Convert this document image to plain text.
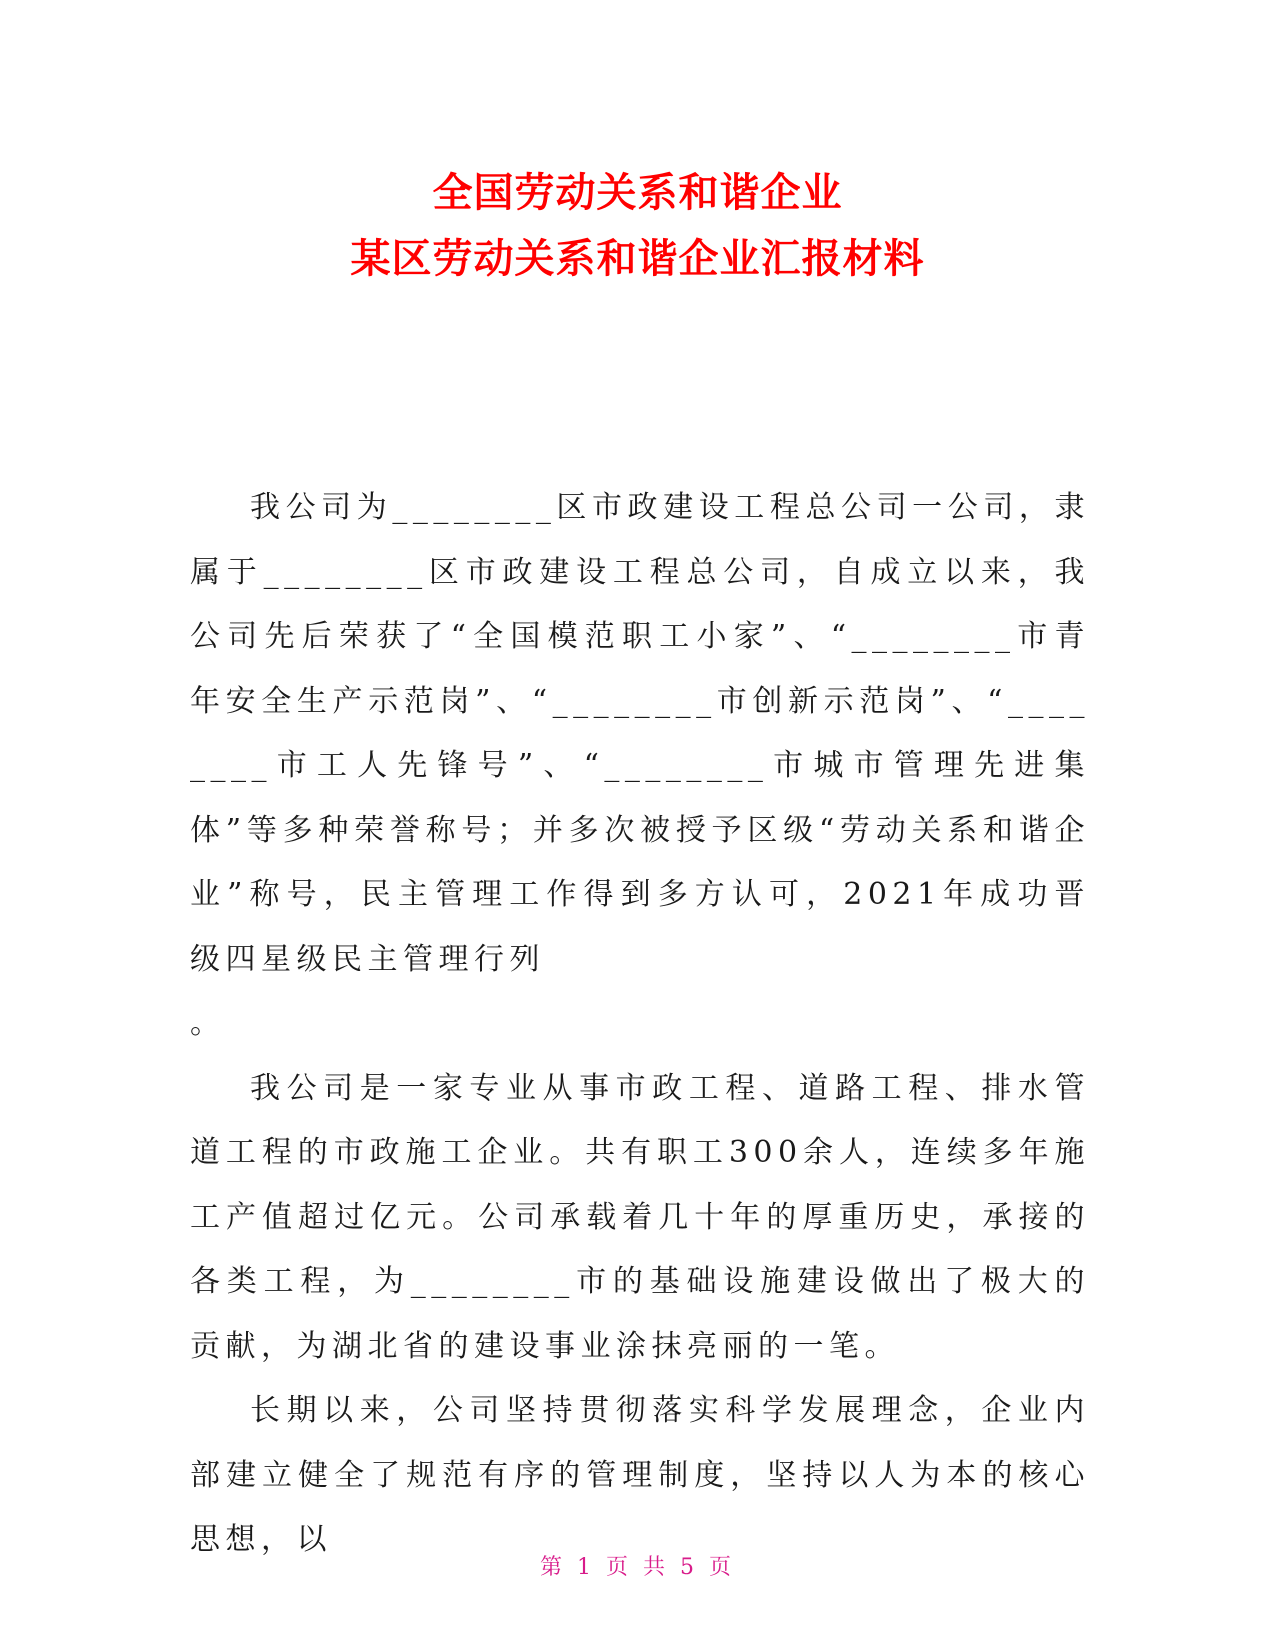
全国劳动关系和谐企业
某区劳动关系和谐企业汇报材料

我公司为________区市政建设工程总公司一公司，隶属于________区市政建设工程总公司，自成立以来，我公司先后荣获了“全国模范职工小家”、“________市青年安全生产示范岗”、“________市创新示范岗”、“________市工人先锋号”、“________市城市管理先进集体”等多种荣誉称号；并多次被授予区级“劳动关系和谐企业”称号，民主管理工作得到多方认可，2021年成功晋级四星级民主管理行列

。

我公司是一家专业从事市政工程、道路工程、排水管道工程的市政施工企业。共有职工300余人，连续多年施工产值超过亿元。公司承载着几十年的厚重历史，承接的各类工程，为________市的基础设施建设做出了极大的贡献，为湖北省的建设事业涂抹亮丽的一笔。

长期以来，公司坚持贯彻落实科学发展理念，企业内部建立健全了规范有序的管理制度，坚持以人为本的核心思想，以

第 1 页 共 5 页
